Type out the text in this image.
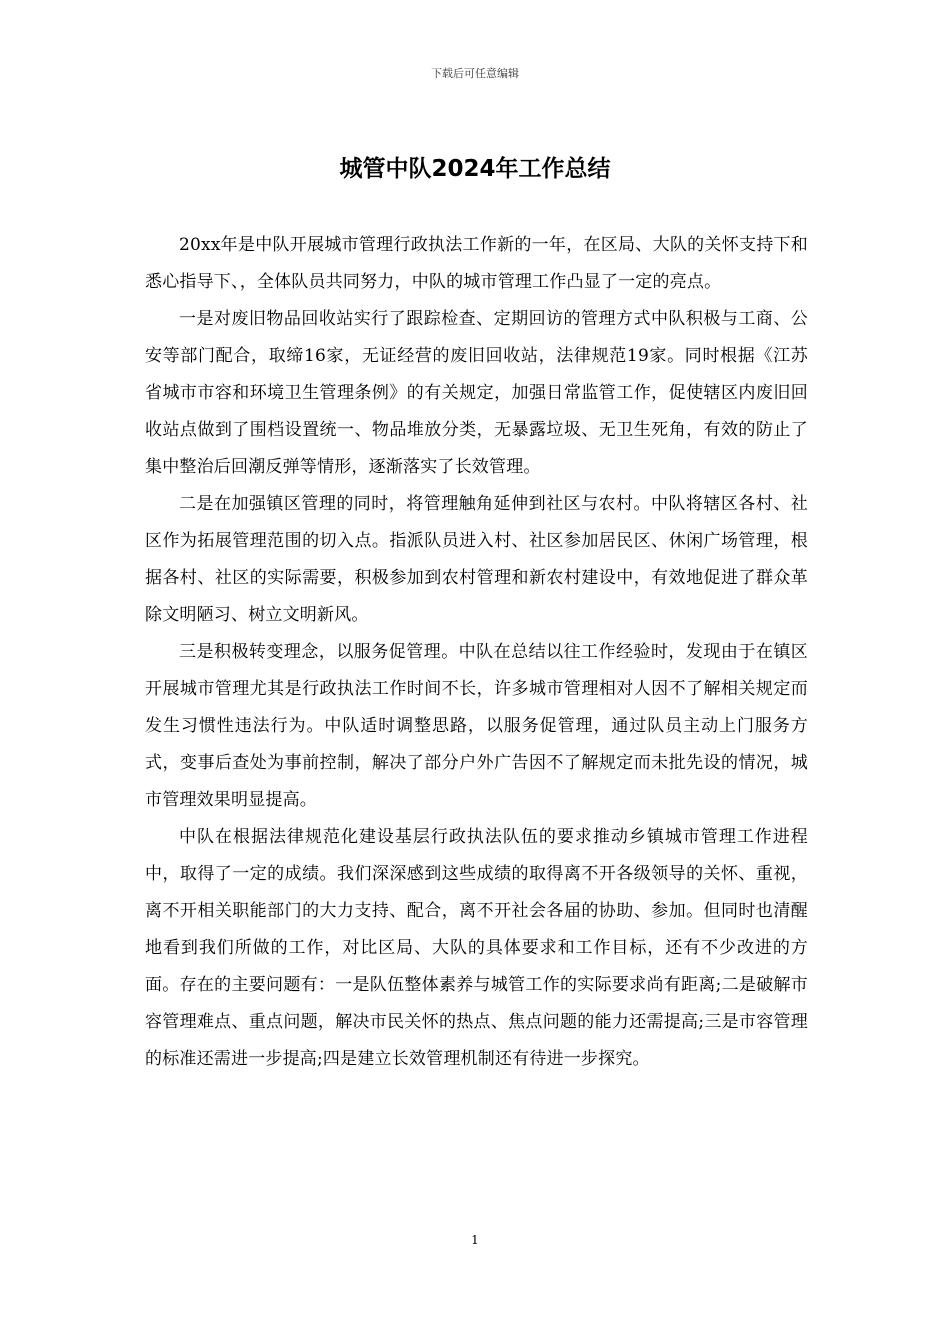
下载后可任意编辑
城管中队2024年工作总结

20xx年是中队开展城市管理行政执法工作新的一年，在区局、大队的关怀支持下和悉心指导下、，全体队员共同努力，中队的城市管理工作凸显了一定的亮点。

一是对废旧物品回收站实行了跟踪检查、定期回访的管理方式中队积极与工商、公安等部门配合，取缔16家，无证经营的废旧回收站，法律规范19家。同时根据《江苏省城市市容和环境卫生管理条例》的有关规定，加强日常监管工作，促使辖区内废旧回收站点做到了围档设置统一、物品堆放分类，无暴露垃圾、无卫生死角，有效的防止了集中整治后回潮反弹等情形，逐渐落实了长效管理。

二是在加强镇区管理的同时，将管理触角延伸到社区与农村。中队将辖区各村、社区作为拓展管理范围的切入点。指派队员进入村、社区参加居民区、休闲广场管理，根据各村、社区的实际需要，积极参加到农村管理和新农村建设中，有效地促进了群众革除文明陋习、树立文明新风。

三是积极转变理念，以服务促管理。中队在总结以往工作经验时，发现由于在镇区开展城市管理尤其是行政执法工作时间不长，许多城市管理相对人因不了解相关规定而发生习惯性违法行为。中队适时调整思路，以服务促管理，通过队员主动上门服务方式，变事后查处为事前控制，解决了部分户外广告因不了解规定而未批先设的情况，城市管理效果明显提高。

中队在根据法律规范化建设基层行政执法队伍的要求推动乡镇城市管理工作进程中，取得了一定的成绩。我们深深感到这些成绩的取得离不开各级领导的关怀、重视，离不开相关职能部门的大力支持、配合，离不开社会各届的协助、参加。但同时也清醒地看到我们所做的工作，对比区局、大队的具体要求和工作目标，还有不少改进的方面。存在的主要问题有：一是队伍整体素养与城管工作的实际要求尚有距离;二是破解市容管理难点、重点问题，解决市民关怀的热点、焦点问题的能力还需提高;三是市容管理的标准还需进一步提高;四是建立长效管理机制还有待进一步探究。

1
